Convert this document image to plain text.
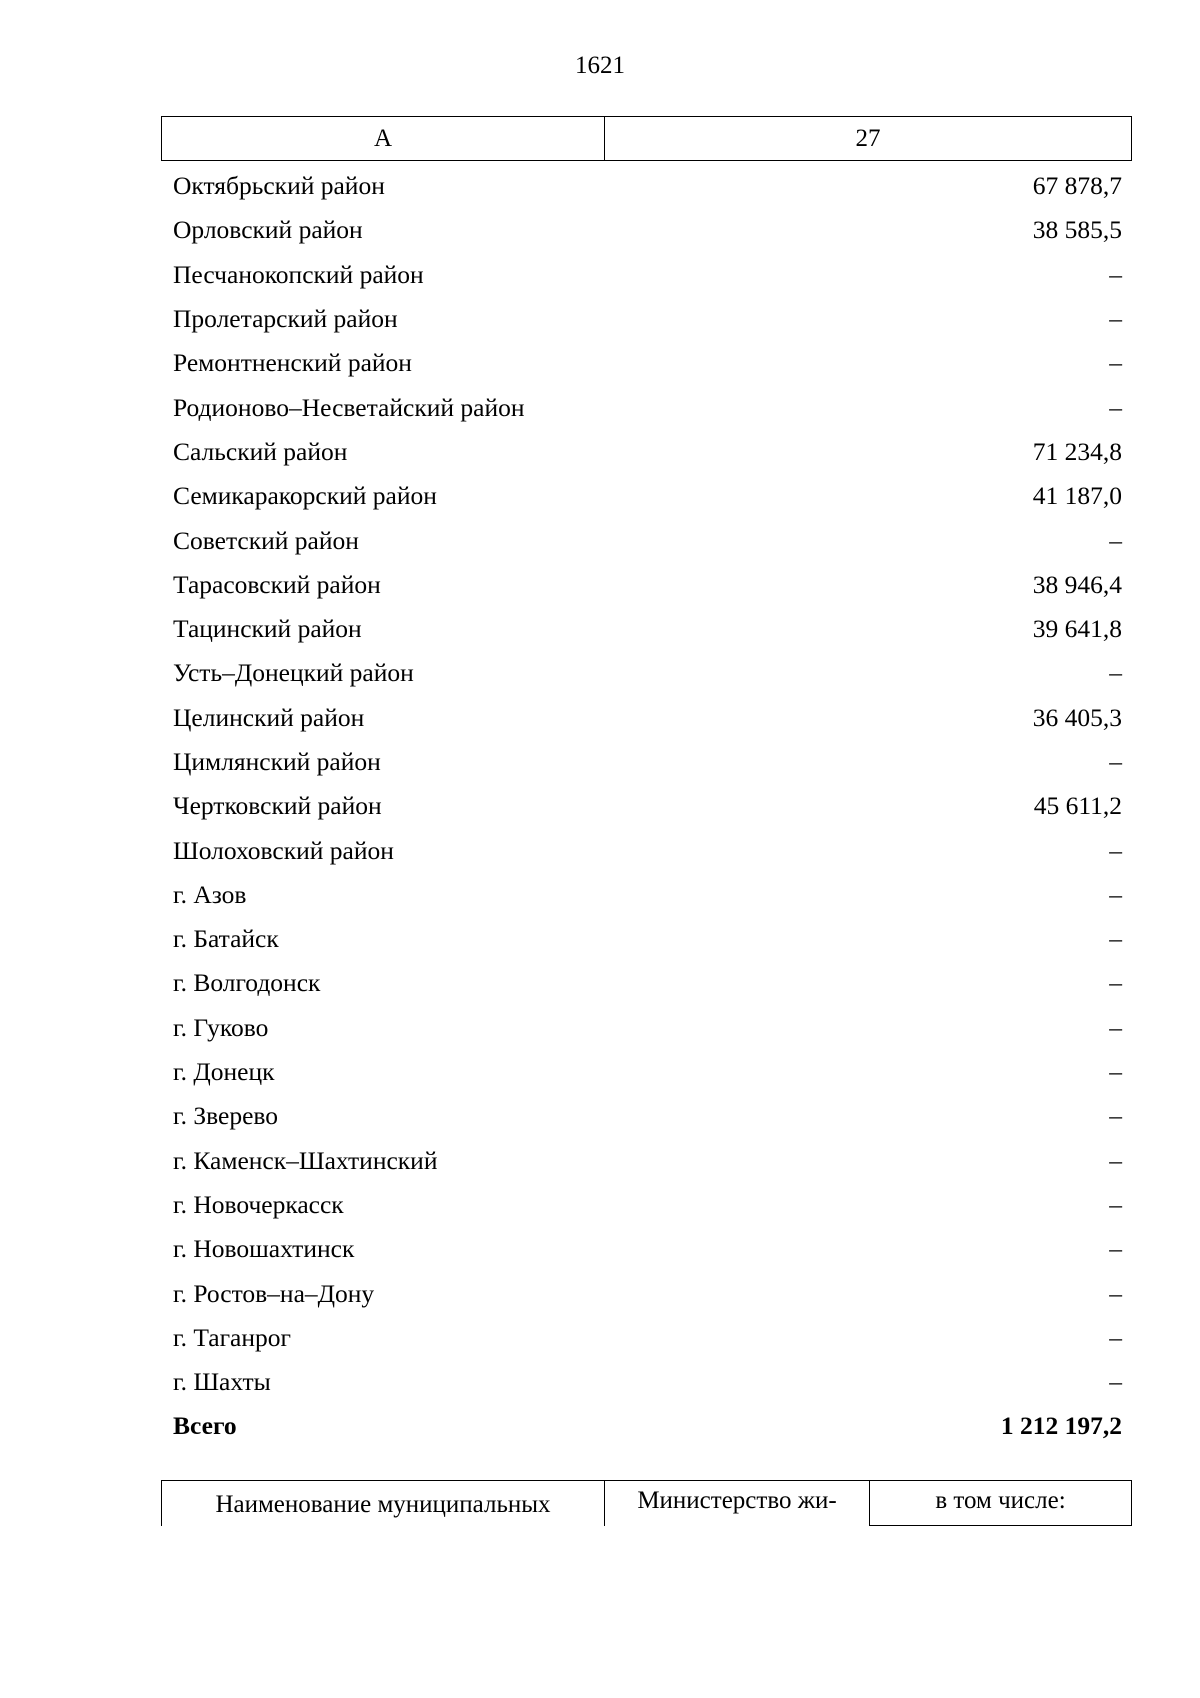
1621
А	27
Октябрьский район	67 878,7
Орловский район	38 585,5
Песчанокопский район	–
Пролетарский район	–
Ремонтненский район	–
Родионово–Несветайский район	–
Сальский район	71 234,8
Семикаракорский район	41 187,0
Советский район	–
Тарасовский район	38 946,4
Тацинский район	39 641,8
Усть–Донецкий район	–
Целинский район	36 405,3
Цимлянский район	–
Чертковский район	45 611,2
Шолоховский район	–
г. Азов	–
г. Батайск	–
г. Волгодонск	–
г. Гуково	–
г. Донецк	–
г. Зверево	–
г. Каменск–Шахтинский	–
г. Новочеркасск	–
г. Новошахтинск	–
г. Ростов–на–Дону	–
г. Таганрог	–
г. Шахты	–
Всего	1 212 197,2
Наименование муниципальных	Министерство жи-	в том числе:
